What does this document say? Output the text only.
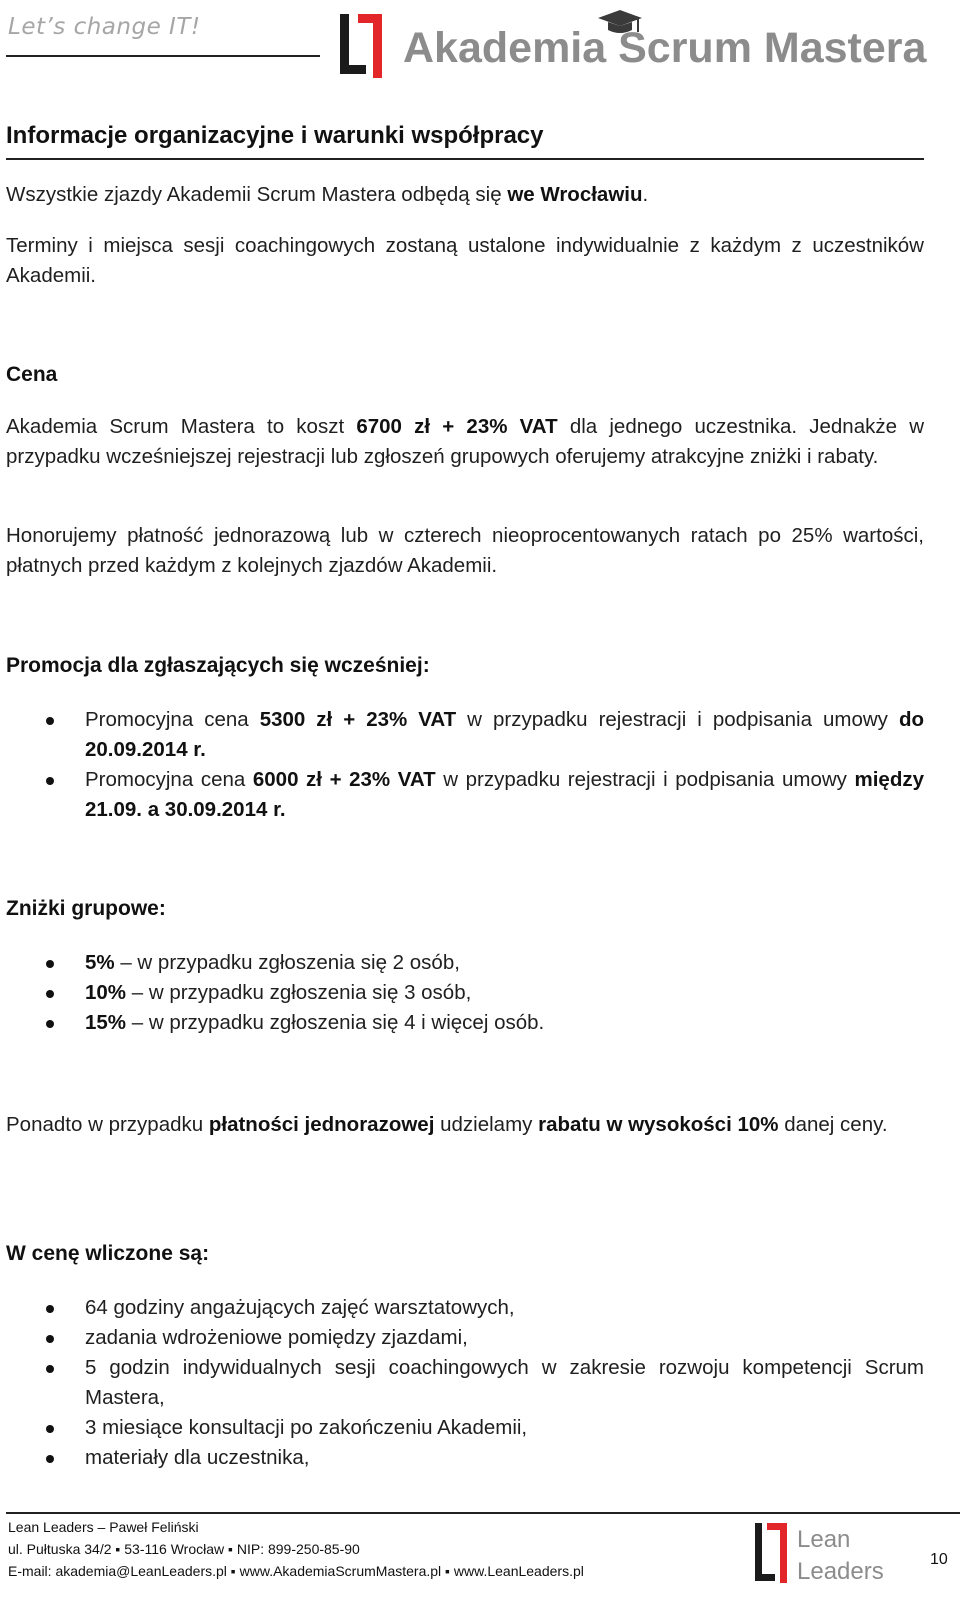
Let’s change IT!	Akademia Scrum Mastera
Informacje organizacyjne i warunki współpracy
Wszystkie zjazdy Akademii Scrum Mastera odbędą się we Wrocławiu.
Terminy i miejsca sesji coachingowych zostaną ustalone indywidualnie z każdym z uczestników Akademii.
Cena
Akademia Scrum Mastera to koszt 6700 zł + 23% VAT dla jednego uczestnika. Jednakże w przypadku wcześniejszej rejestracji lub zgłoszeń grupowych oferujemy atrakcyjne zniżki i rabaty.
Honorujemy płatność jednorazową lub w czterech nieoprocentowanych ratach po 25% wartości, płatnych przed każdym z kolejnych zjazdów Akademii.
Promocja dla zgłaszających się wcześniej:
Promocyjna cena 5300 zł + 23% VAT w przypadku rejestracji i podpisania umowy do 20.09.2014 r.
Promocyjna cena 6000 zł + 23% VAT w przypadku rejestracji i podpisania umowy między 21.09. a 30.09.2014 r.
Zniżki grupowe:
5% – w przypadku zgłoszenia się 2 osób,
10% – w przypadku zgłoszenia się 3 osób,
15% – w przypadku zgłoszenia się 4 i więcej osób.
Ponadto w przypadku płatności jednorazowej udzielamy rabatu w wysokości 10% danej ceny.
W cenę wliczone są:
64 godziny angażujących zajęć warsztatowych,
zadania wdrożeniowe pomiędzy zjazdami,
5 godzin indywidualnych sesji coachingowych w zakresie rozwoju kompetencji Scrum Mastera,
3 miesiące konsultacji po zakończeniu Akademii,
materiały dla uczestnika,
Lean Leaders – Paweł Feliński
ul. Pułtuska 34/2 ▪ 53-116 Wrocław ▪ NIP: 899-250-85-90
E-mail: akademia@LeanLeaders.pl ▪ www.AkademiaScrumMastera.pl ▪ www.LeanLeaders.pl
Lean
Leaders	10
